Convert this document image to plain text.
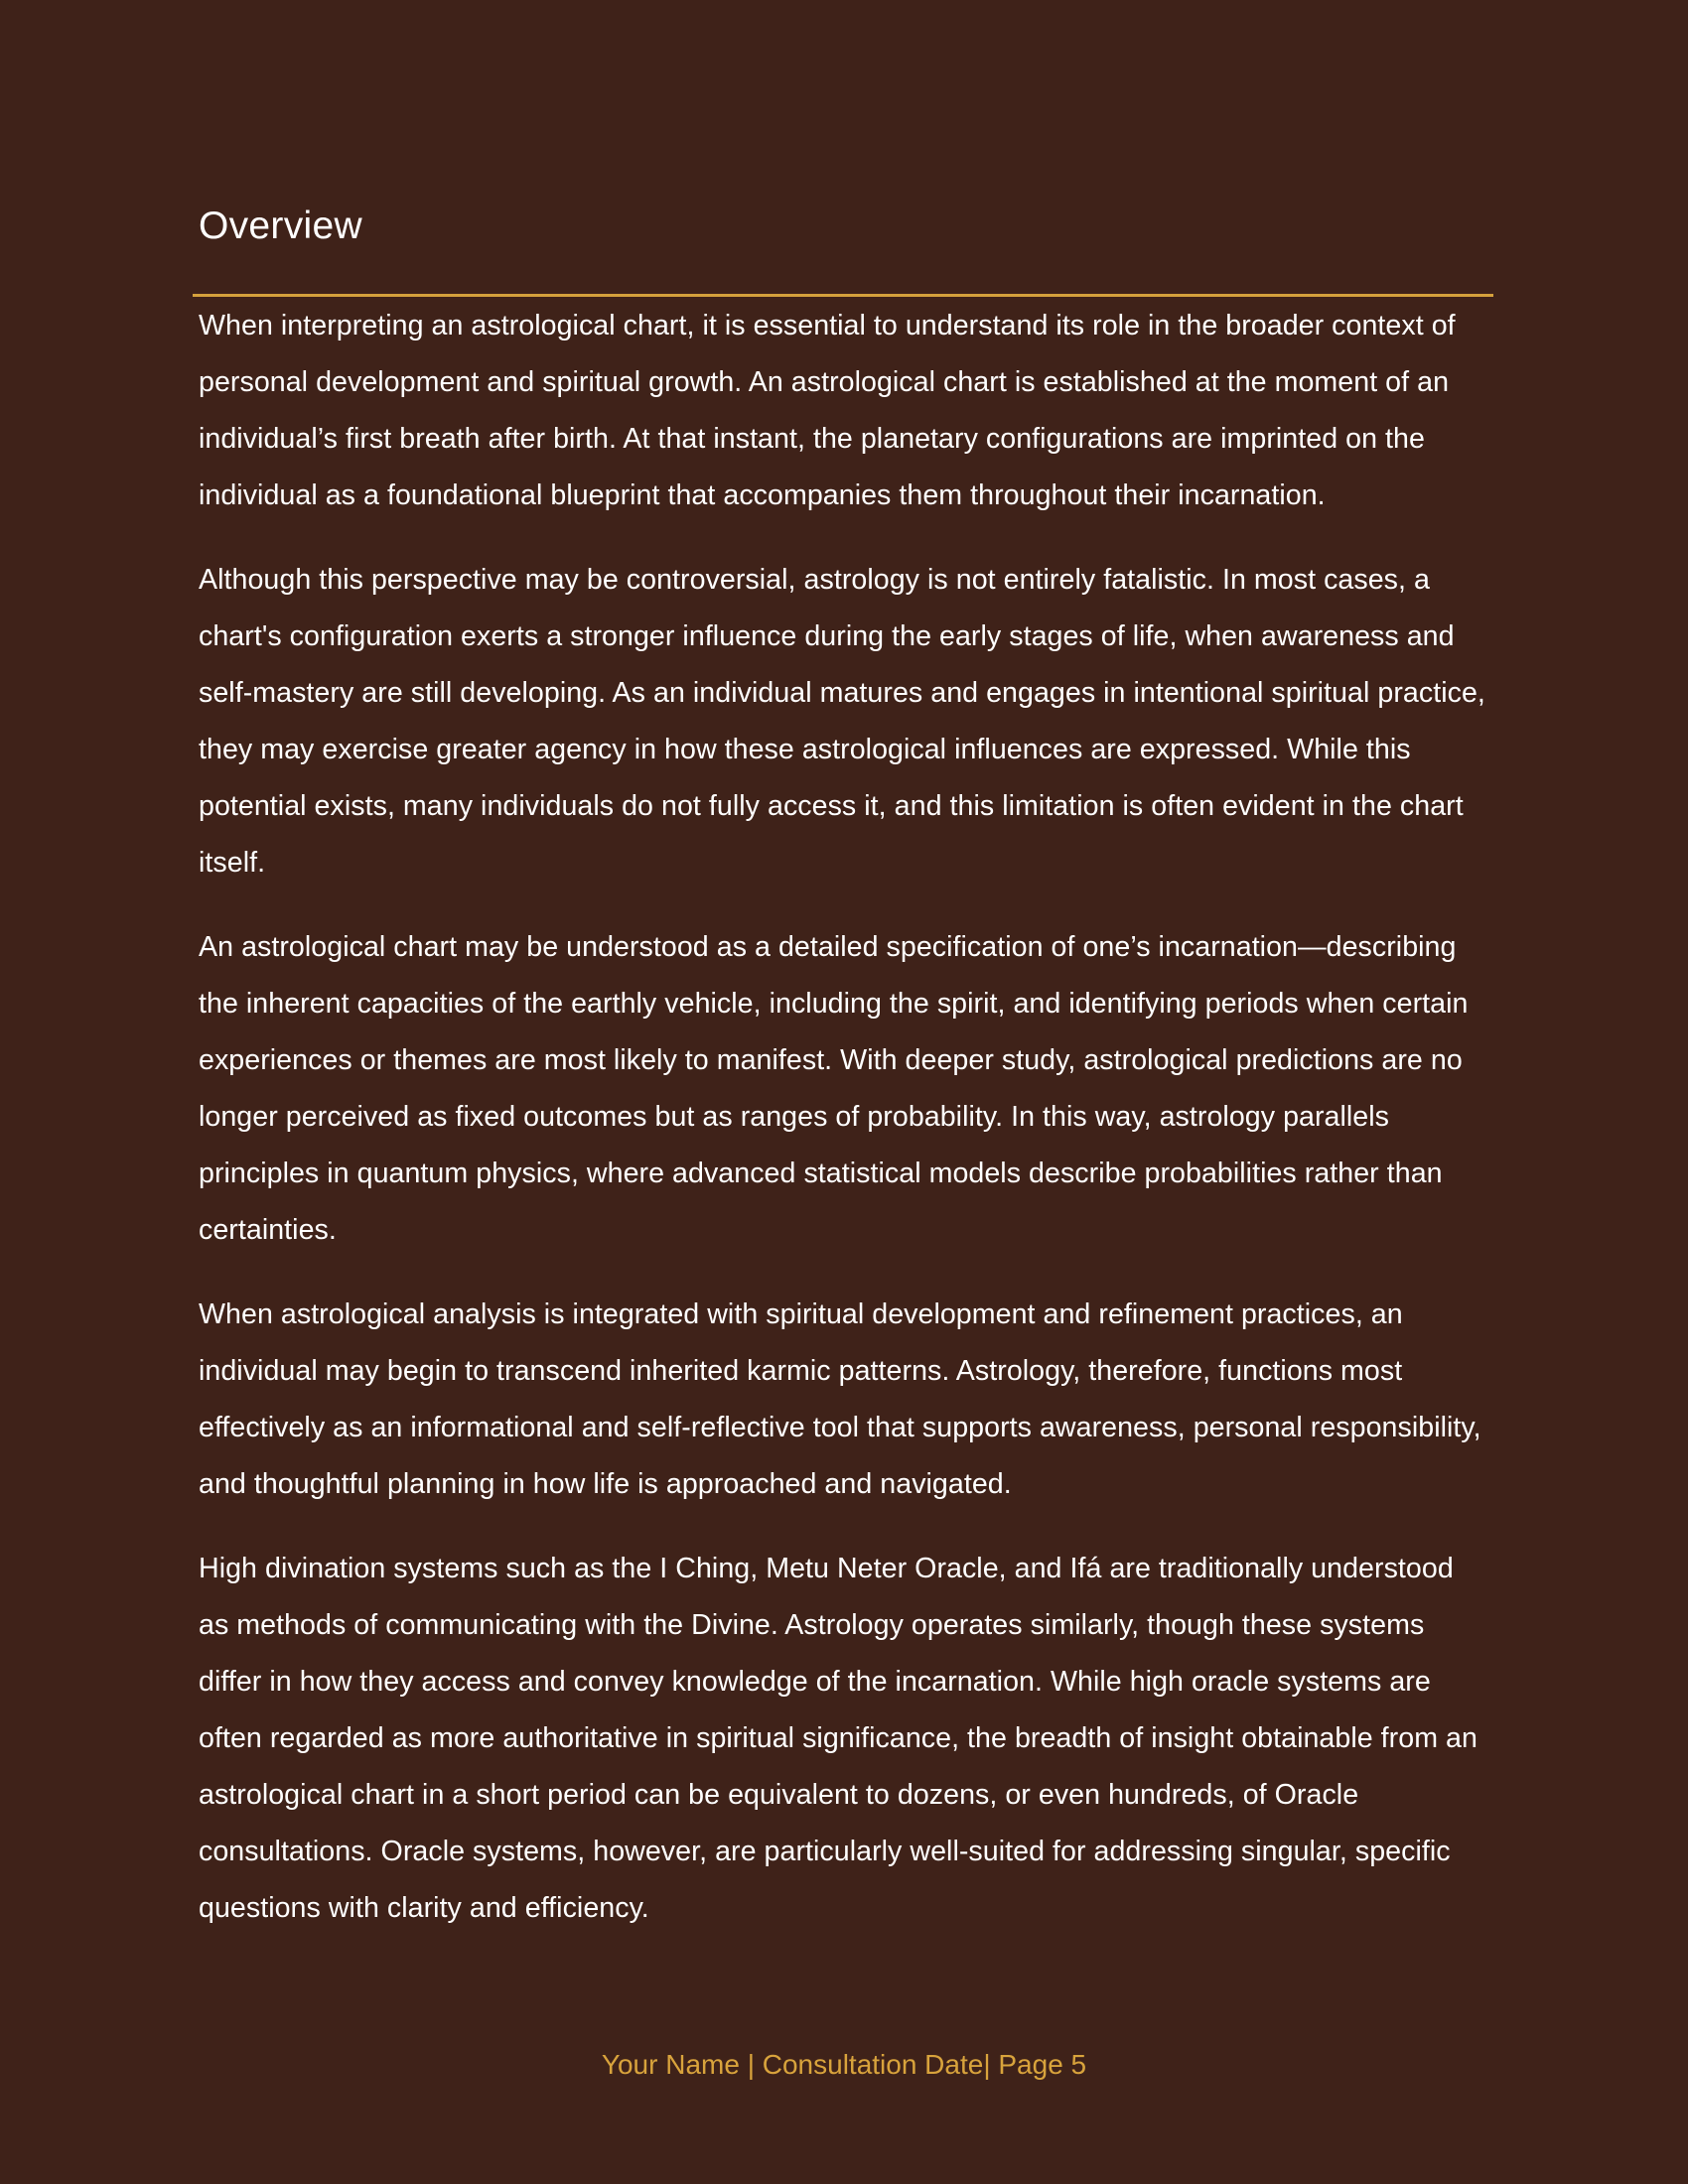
Overview

When interpreting an astrological chart, it is essential to understand its role in the broader context of personal development and spiritual growth. An astrological chart is established at the moment of an individual’s first breath after birth. At that instant, the planetary configurations are imprinted on the individual as a foundational blueprint that accompanies them throughout their incarnation.

Although this perspective may be controversial, astrology is not entirely fatalistic. In most cases, a chart's configuration exerts a stronger influence during the early stages of life, when awareness and self-mastery are still developing. As an individual matures and engages in intentional spiritual practice, they may exercise greater agency in how these astrological influences are expressed. While this potential exists, many individuals do not fully access it, and this limitation is often evident in the chart itself.

An astrological chart may be understood as a detailed specification of one’s incarnation—describing the inherent capacities of the earthly vehicle, including the spirit, and identifying periods when certain experiences or themes are most likely to manifest. With deeper study, astrological predictions are no longer perceived as fixed outcomes but as ranges of probability. In this way, astrology parallels principles in quantum physics, where advanced statistical models describe probabilities rather than certainties.

When astrological analysis is integrated with spiritual development and refinement practices, an individual may begin to transcend inherited karmic patterns. Astrology, therefore, functions most effectively as an informational and self-reflective tool that supports awareness, personal responsibility, and thoughtful planning in how life is approached and navigated.

High divination systems such as the I Ching, Metu Neter Oracle, and Ifá are traditionally understood as methods of communicating with the Divine. Astrology operates similarly, though these systems differ in how they access and convey knowledge of the incarnation. While high oracle systems are often regarded as more authoritative in spiritual significance, the breadth of insight obtainable from an astrological chart in a short period can be equivalent to dozens, or even hundreds, of Oracle consultations. Oracle systems, however, are particularly well-suited for addressing singular, specific questions with clarity and efficiency.

Your Name | Consultation Date| Page 5
